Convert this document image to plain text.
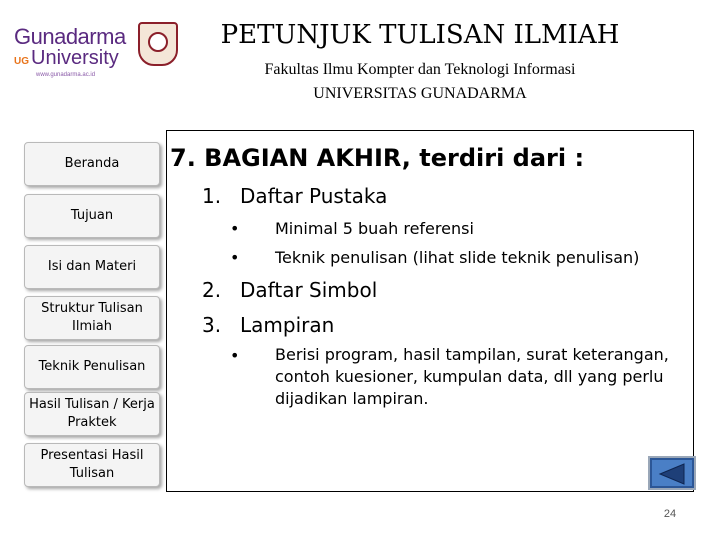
Gunadarma
UG University
www.gunadarma.ac.id
PETUNJUK TULISAN ILMIAH
Fakultas Ilmu Kompter dan Teknologi Informasi
UNIVERSITAS GUNADARMA
Beranda
Tujuan
Isi dan Materi
Struktur Tulisan Ilmiah
Teknik Penulisan
Hasil Tulisan / Kerja Praktek
Presentasi Hasil Tulisan
7. BAGIAN AKHIR, terdiri dari :
1. Daftar Pustaka
• Minimal 5 buah referensi
• Teknik penulisan (lihat slide teknik penulisan)
2. Daftar Simbol
3. Lampiran
• Berisi program, hasil tampilan, surat keterangan, contoh kuesioner, kumpulan data, dll yang perlu dijadikan lampiran.
24
